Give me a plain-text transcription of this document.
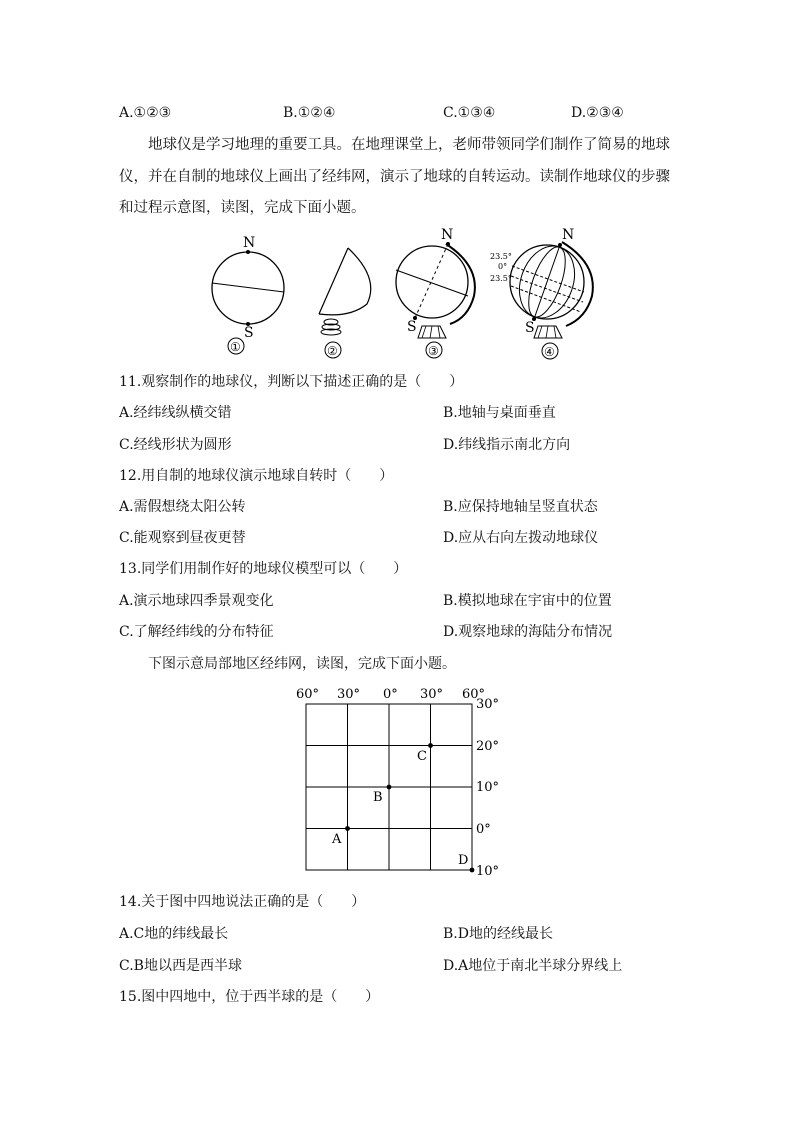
A.①②③	B.①②④	C.①③④	D.②③④
地球仪是学习地理的重要工具。在地理课堂上，老师带领同学们制作了简易的地球仪，并在自制的地球仪上画出了经纬网，演示了地球的自转运动。读制作地球仪的步骤和过程示意图，读图，完成下面小题。
N
S
①	②
N
S
③
N
S
23.5°
0°
23.5°
④
11.观察制作的地球仪，判断以下描述正确的是（　　）
A.经纬线纵横交错	B.地轴与桌面垂直
C.经线形状为圆形	D.纬线指示南北方向
12.用自制的地球仪演示地球自转时（　　）
A.需假想绕太阳公转	B.应保持地轴呈竖直状态
C.能观察到昼夜更替	D.应从右向左拨动地球仪
13.同学们用制作好的地球仪模型可以（　　）
A.演示地球四季景观变化	B.模拟地球在宇宙中的位置
C.了解经纬线的分布特征	D.观察地球的海陆分布情况
下图示意局部地区经纬网，读图，完成下面小题。
60° 30° 0° 30° 60°
30°
20°
10°
0°
10°
A
B
C
D
14.关于图中四地说法正确的是（　　）
A.C地的纬线最长	B.D地的经线最长
C.B地以西是西半球	D.A地位于南北半球分界线上
15.图中四地中，位于西半球的是（　　）
